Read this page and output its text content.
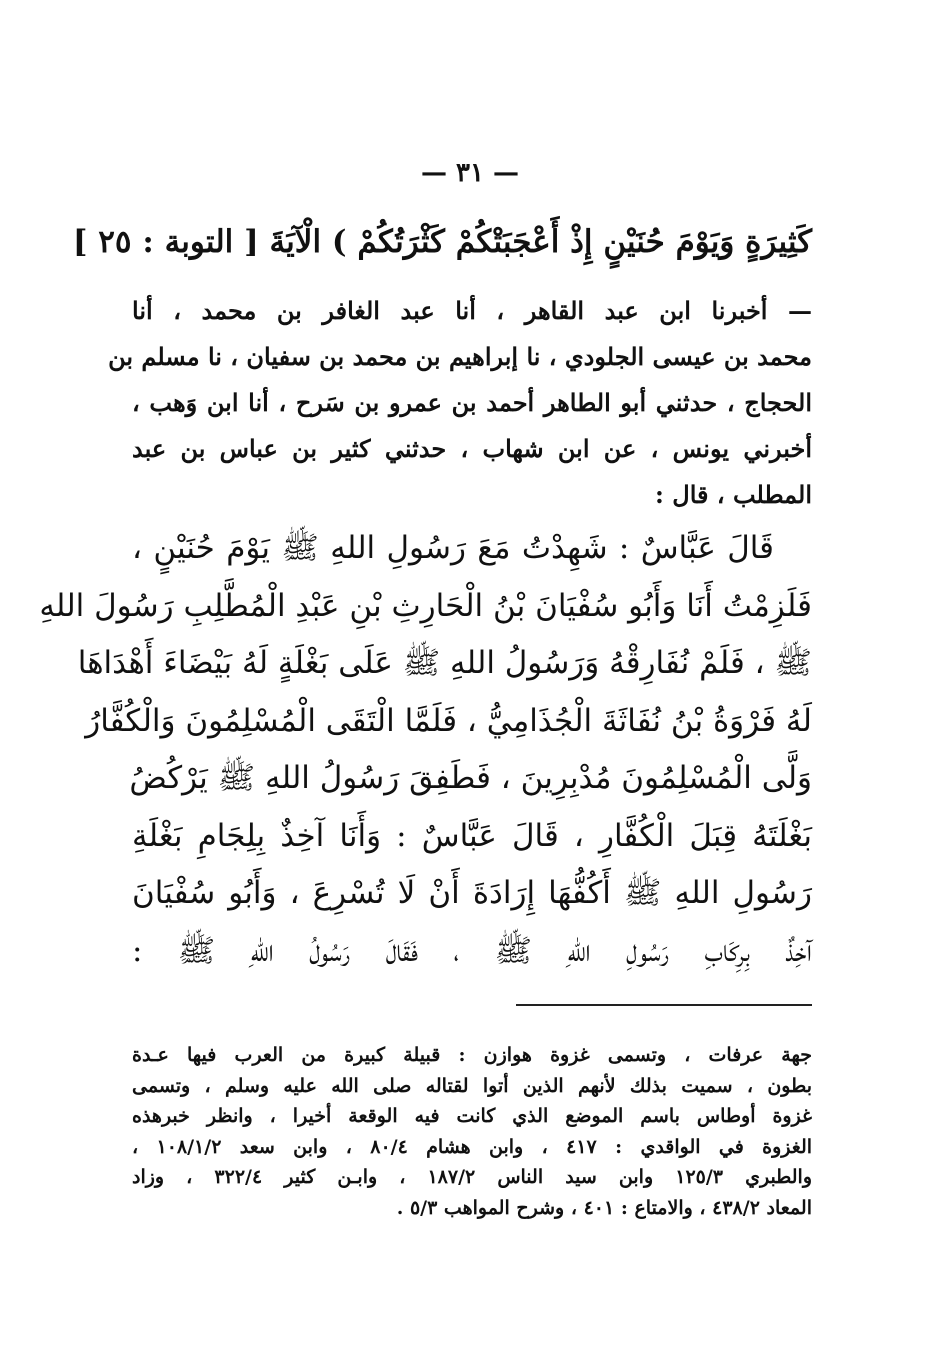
— ٣١ —
كَثِيرَةٍ وَيَوْمَ حُنَيْنٍ إِذْ أَعْجَبَتْكُمْ كَثْرَتُكُمْ ) الْآيَةَ [ التوبة : ٢٥ ]
— أخبرنا ابن عبد القاهر ، أنا عبد الغافر بن محمد ، أنا
محمد بن عيسى الجلودي ، نا إبراهيم بن محمد بن سفيان ، نا مسلم بن
الحجاج ، حدثني أبو الطاهر أحمد بن عمرو بن سَرح ، أنا ابن وَهب ،
أخبرني يونس ، عن ابن شهاب ، حدثني كثير بن عباس بن عبد
المطلب ، قال :
قَالَ عَبَّاسٌ : شَهِدْتُ مَعَ رَسُولِ اللهِ ﷺ يَوْمَ حُنَيْنٍ ،
فَلَزِمْتُ أَنَا وَأَبُو سُفْيَانَ بْنُ الْحَارِثِ بْنِ عَبْدِ الْمُطَّلِبِ رَسُولَ اللهِ
ﷺ ، فَلَمْ نُفَارِقْهُ وَرَسُولُ اللهِ ﷺ عَلَى بَغْلَةٍ لَهُ بَيْضَاءَ أَهْدَاهَا
لَهُ فَرْوَةُ بْنُ نُفَاثَةَ الْجُذَامِيُّ ، فَلَمَّا الْتَقَى الْمُسْلِمُونَ وَالْكُفَّارُ
وَلَّى الْمُسْلِمُونَ مُدْبِرِينَ ، فَطَفِقَ رَسُولُ اللهِ ﷺ يَرْكُضُ
بَغْلَتَهُ قِبَلَ الْكُفَّارِ ، قَالَ عَبَّاسٌ : وَأَنَا آخِذٌ بِلِجَامِ بَغْلَةِ
رَسُولِ اللهِ ﷺ أَكُفُّهَا إِرَادَةَ أَنْ لَا تُسْرِعَ ، وَأَبُو سُفْيَانَ
آخِذٌ بِرِكَابِ رَسُولِ اللهِ ﷺ ، فَقَالَ رَسُولُ اللهِ ﷺ :
جهة عرفات ، وتسمى غزوة هوازن : قبيلة كبيرة من العرب فيها عـدة
بطون ، سميت بذلك لأنهم الذين أتوا لقتاله صلى الله عليه وسلم ، وتسمى
غزوة أوطاس باسم الموضع الذي كانت فيه الوقعة أخيرا ، وانظر خبرهذه
الغزوة في الواقدي : ٤١٧ ، وابن هشام ٨٠/٤ ، وابن سعد ١٠٨/١/٢ ،
والطبري ١٢٥/٣ وابن سيد الناس ١٨٧/٢ ، وابـن كثير ٣٢٢/٤ ، وزاد
المعاد ٤٣٨/٢ ، والامتاع : ٤٠١ ، وشرح المواهب ٥/٣ .
